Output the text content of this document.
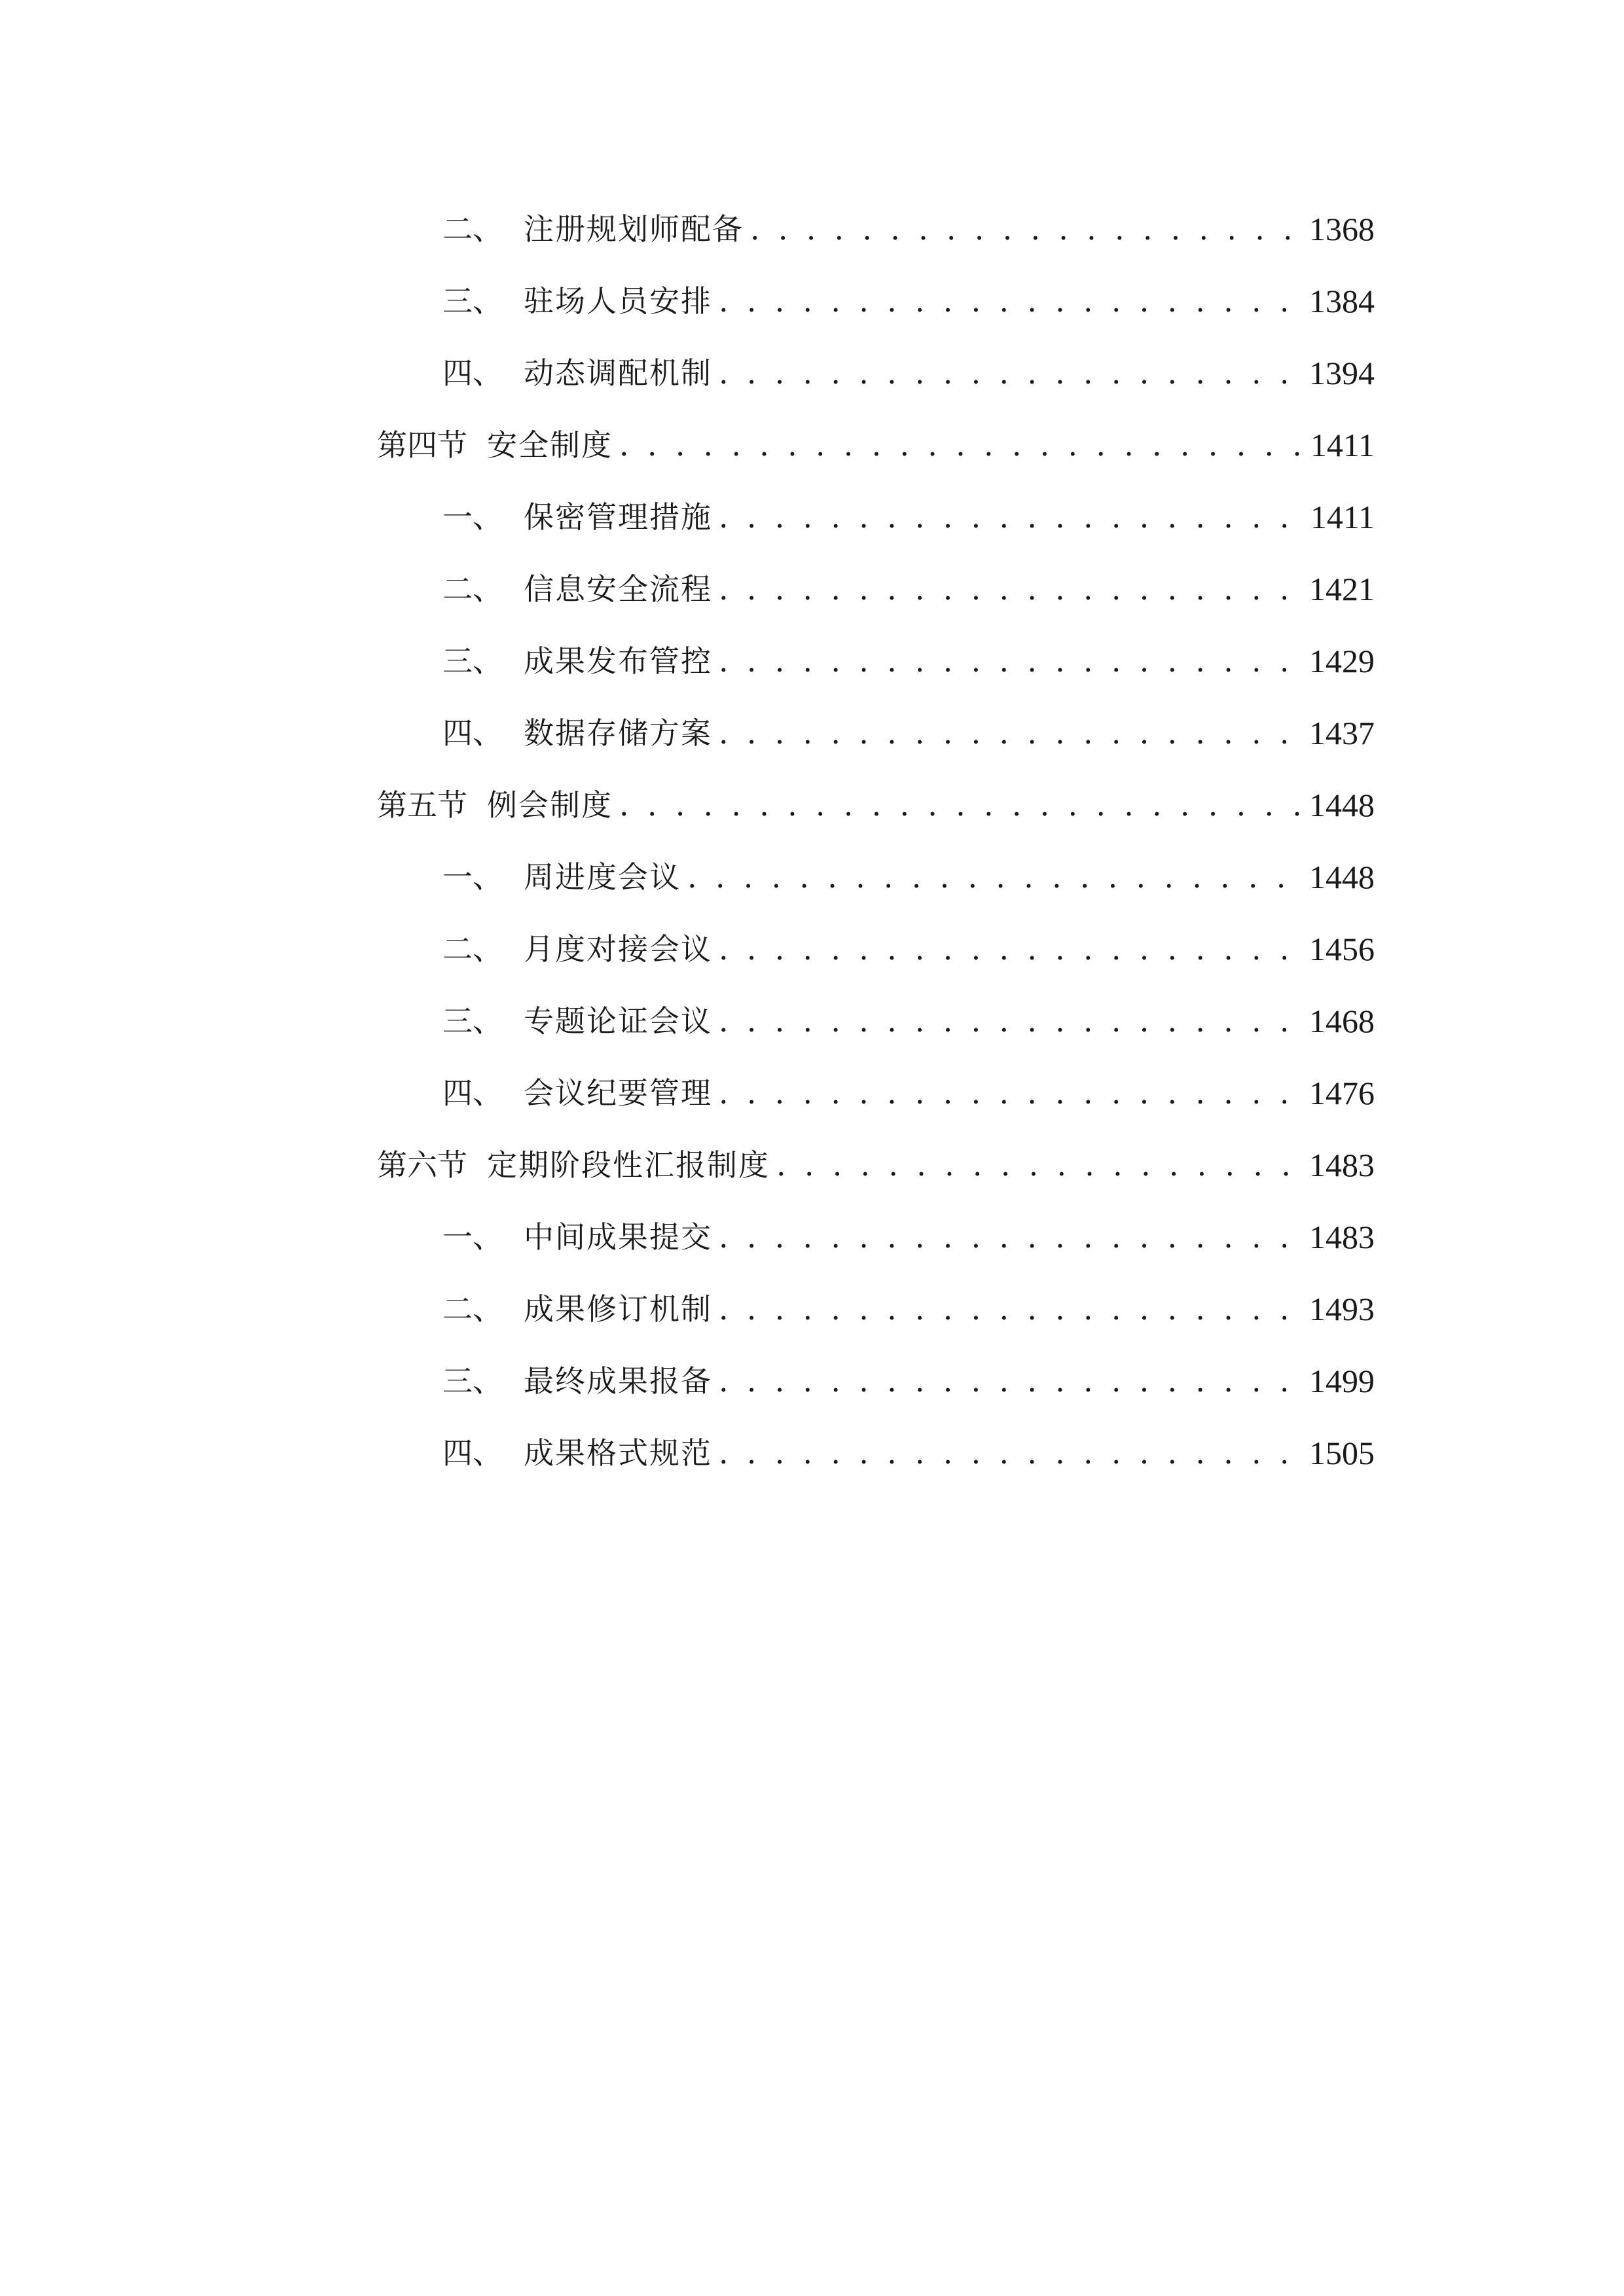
二、 注册规划师配备 . . .	1368
三、 驻场人员安排 . . .	1384
四、 动态调配机制 . . .	1394
第四节 安全制度 . . .	1411
一、 保密管理措施 . . .	1411
二、 信息安全流程 . . .	1421
三、 成果发布管控 . . .	1429
四、 数据存储方案 . . .	1437
第五节 例会制度 . . .	1448
一、 周进度会议 . . .	1448
二、 月度对接会议 . . .	1456
三、 专题论证会议 . . .	1468
四、 会议纪要管理 . . .	1476
第六节 定期阶段性汇报制度 . . .	1483
一、 中间成果提交 . . .	1483
二、 成果修订机制 . . .	1493
三、 最终成果报备 . . .	1499
四、 成果格式规范 . . .	1505
